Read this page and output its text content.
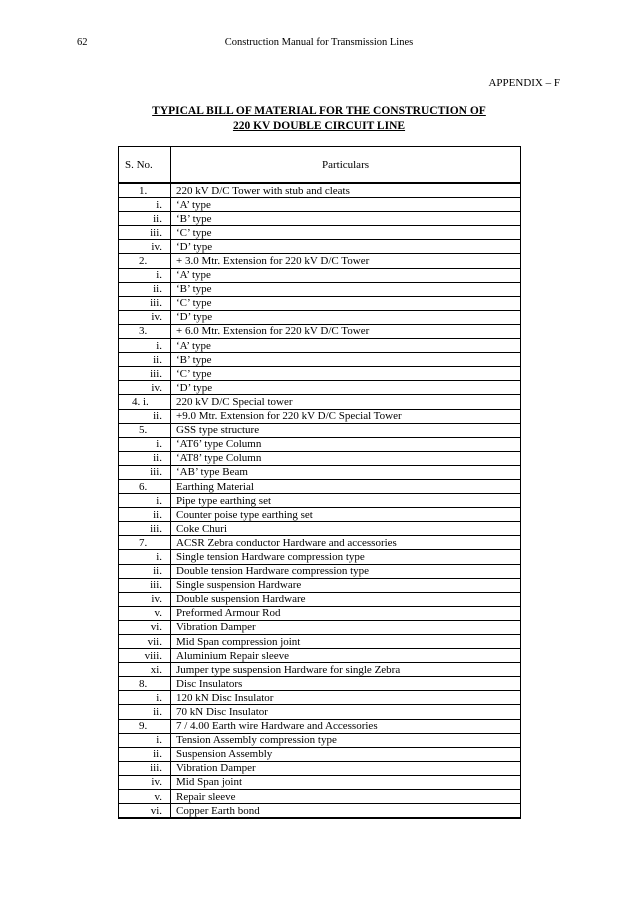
62	Construction Manual for Transmission Lines
APPENDIX – F
TYPICAL BILL OF MATERIAL FOR THE CONSTRUCTION OF
220 KV DOUBLE CIRCUIT LINE
S. No.	Particulars
1.	220 kV D/C Tower with stub and cleats
i.	‘A’ type
ii.	‘B’ type
iii.	‘C’ type
iv.	‘D’ type
2.	+ 3.0 Mtr. Extension for 220 kV D/C Tower
i.	‘A’ type
ii.	‘B’ type
iii.	‘C’ type
iv.	‘D’ type
3.	+ 6.0 Mtr. Extension for 220 kV D/C Tower
i.	‘A’ type
ii.	‘B’ type
iii.	‘C’ type
iv.	‘D’ type
4. i.	220 kV D/C Special tower
ii.	+9.0 Mtr. Extension for 220 kV D/C Special Tower
5.	GSS type structure
i.	‘AT6’ type Column
ii.	‘AT8’ type Column
iii.	‘AB’ type Beam
6.	Earthing Material
i.	Pipe type earthing set
ii.	Counter poise type earthing set
iii.	Coke Churi
7.	ACSR Zebra conductor Hardware and accessories
i.	Single tension Hardware compression type
ii.	Double tension Hardware compression type
iii.	Single suspension Hardware
iv.	Double suspension Hardware
v.	Preformed Armour Rod
vi.	Vibration Damper
vii.	Mid Span compression joint
viii.	Aluminium Repair sleeve
xi.	Jumper type suspension Hardware for single Zebra
8.	Disc Insulators
i.	120 kN Disc Insulator
ii.	70 kN Disc Insulator
9.	7 / 4.00 Earth wire Hardware and Accessories
i.	Tension Assembly compression type
ii.	Suspension Assembly
iii.	Vibration Damper
iv.	Mid Span joint
v.	Repair sleeve
vi.	Copper Earth bond
